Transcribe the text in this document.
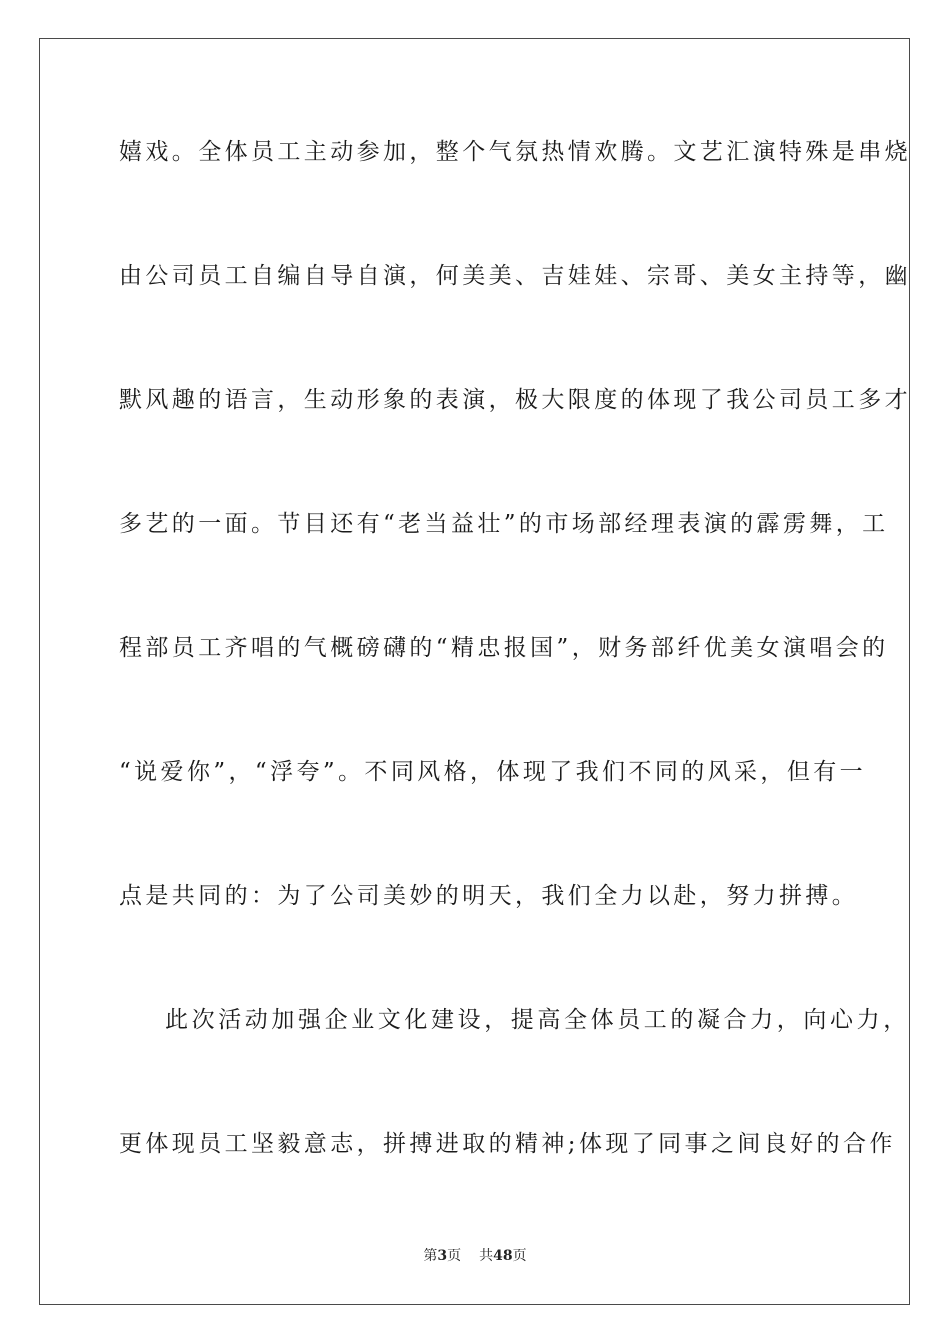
嬉戏。全体员工主动参加，整个气氛热情欢腾。文艺汇演特殊是串烧
由公司员工自编自导自演，何美美、吉娃娃、宗哥、美女主持等，幽
默风趣的语言，生动形象的表演，极大限度的体现了我公司员工多才
多艺的一面。节目还有“老当益壮”的市场部经理表演的霹雳舞，工
程部员工齐唱的气概磅礴的“精忠报国”，财务部纤优美女演唱会的
“说爱你”，“浮夸”。不同风格，体现了我们不同的风采，但有一
点是共同的：为了公司美妙的明天，我们全力以赴，努力拼搏。
此次活动加强企业文化建设，提高全体员工的凝合力，向心力，
更体现员工坚毅意志，拼搏进取的精神;体现了同事之间良好的合作
第3页 共48页
